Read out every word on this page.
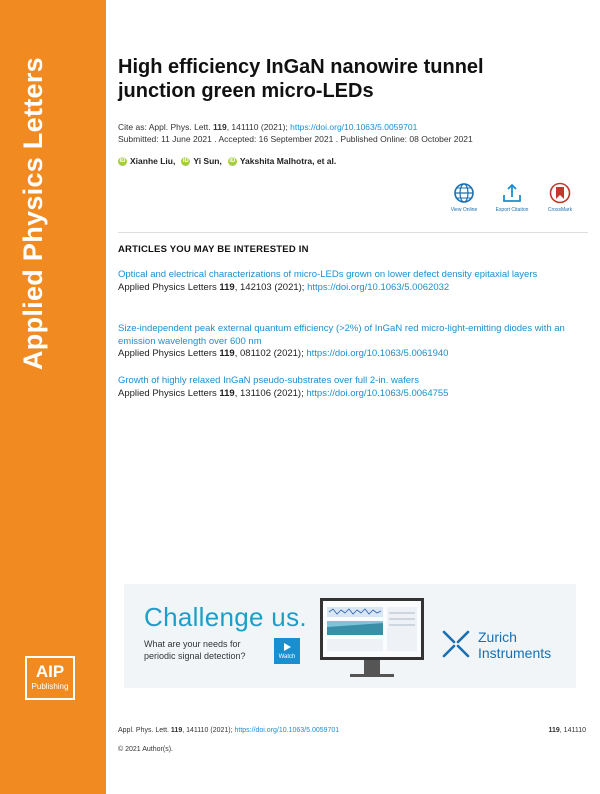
Applied Physics Letters
AIP
Publishing
High efficiency InGaN nanowire tunnel junction green micro-LEDs
Cite as: Appl. Phys. Lett. 119, 141110 (2021); https://doi.org/10.1063/5.0059701
Submitted: 11 June 2021 . Accepted: 16 September 2021 . Published Online: 08 October 2021
iD Xianhe Liu, iD Yi Sun, iD Yakshita Malhotra, et al.
View Online	Export Citation	CrossMark
ARTICLES YOU MAY BE INTERESTED IN
Optical and electrical characterizations of micro-LEDs grown on lower defect density epitaxial layers
Applied Physics Letters 119, 142103 (2021); https://doi.org/10.1063/5.0062032
Size-independent peak external quantum efficiency (>2%) of InGaN red micro-light-emitting diodes with an emission wavelength over 600 nm
Applied Physics Letters 119, 081102 (2021); https://doi.org/10.1063/5.0061940
Growth of highly relaxed InGaN pseudo-substrates over full 2-in. wafers
Applied Physics Letters 119, 131106 (2021); https://doi.org/10.1063/5.0064755
Challenge us.
What are your needs for periodic signal detection?	Watch
Zurich
Instruments
Appl. Phys. Lett. 119, 141110 (2021); https://doi.org/10.1063/5.0059701	119, 141110
© 2021 Author(s).
